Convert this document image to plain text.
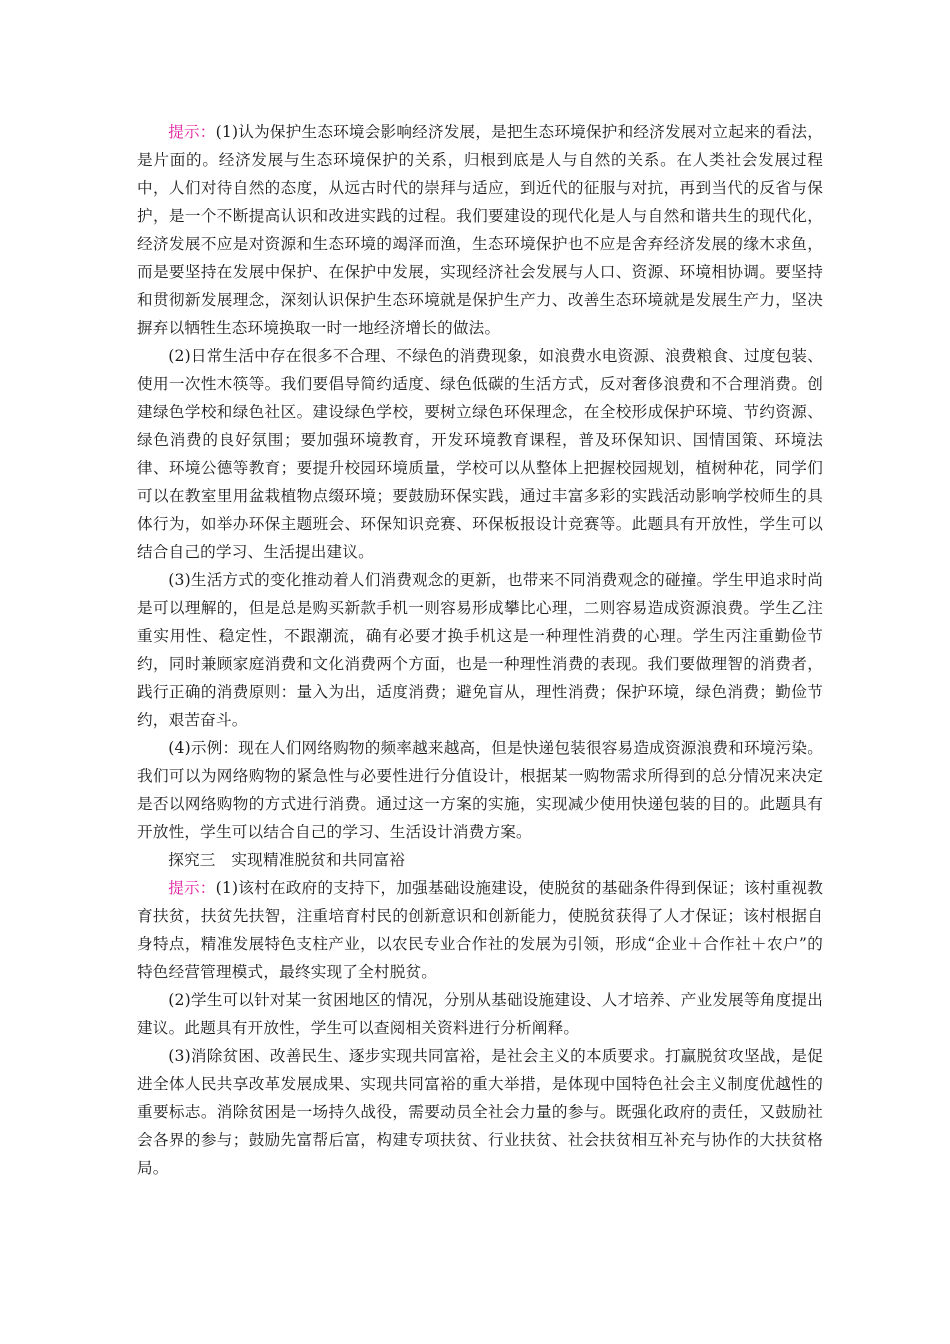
提示：(1)认为保护生态环境会影响经济发展，是把生态环境保护和经济发展对立起来的看法，是片面的。经济发展与生态环境保护的关系，归根到底是人与自然的关系。在人类社会发展过程中，人们对待自然的态度，从远古时代的崇拜与适应，到近代的征服与对抗，再到当代的反省与保护，是一个不断提高认识和改进实践的过程。我们要建设的现代化是人与自然和谐共生的现代化，经济发展不应是对资源和生态环境的竭泽而渔，生态环境保护也不应是舍弃经济发展的缘木求鱼，而是要坚持在发展中保护、在保护中发展，实现经济社会发展与人口、资源、环境相协调。要坚持和贯彻新发展理念，深刻认识保护生态环境就是保护生产力、改善生态环境就是发展生产力，坚决摒弃以牺牲生态环境换取一时一地经济增长的做法。

(2)日常生活中存在很多不合理、不绿色的消费现象，如浪费水电资源、浪费粮食、过度包装、使用一次性木筷等。我们要倡导简约适度、绿色低碳的生活方式，反对奢侈浪费和不合理消费。创建绿色学校和绿色社区。建设绿色学校，要树立绿色环保理念，在全校形成保护环境、节约资源、绿色消费的良好氛围；要加强环境教育，开发环境教育课程，普及环保知识、国情国策、环境法律、环境公德等教育；要提升校园环境质量，学校可以从整体上把握校园规划，植树种花，同学们可以在教室里用盆栽植物点缀环境；要鼓励环保实践，通过丰富多彩的实践活动影响学校师生的具体行为，如举办环保主题班会、环保知识竞赛、环保板报设计竞赛等。此题具有开放性，学生可以结合自己的学习、生活提出建议。

(3)生活方式的变化推动着人们消费观念的更新，也带来不同消费观念的碰撞。学生甲追求时尚是可以理解的，但是总是购买新款手机一则容易形成攀比心理，二则容易造成资源浪费。学生乙注重实用性、稳定性，不跟潮流，确有必要才换手机这是一种理性消费的心理。学生丙注重勤俭节约，同时兼顾家庭消费和文化消费两个方面，也是一种理性消费的表现。我们要做理智的消费者，践行正确的消费原则：量入为出，适度消费；避免盲从，理性消费；保护环境，绿色消费；勤俭节约，艰苦奋斗。

(4)示例：现在人们网络购物的频率越来越高，但是快递包装很容易造成资源浪费和环境污染。我们可以为网络购物的紧急性与必要性进行分值设计，根据某一购物需求所得到的总分情况来决定是否以网络购物的方式进行消费。通过这一方案的实施，实现减少使用快递包装的目的。此题具有开放性，学生可以结合自己的学习、生活设计消费方案。

探究三　实现精准脱贫和共同富裕

提示：(1)该村在政府的支持下，加强基础设施建设，使脱贫的基础条件得到保证；该村重视教育扶贫，扶贫先扶智，注重培育村民的创新意识和创新能力，使脱贫获得了人才保证；该村根据自身特点，精准发展特色支柱产业，以农民专业合作社的发展为引领，形成“企业＋合作社＋农户”的特色经营管理模式，最终实现了全村脱贫。

(2)学生可以针对某一贫困地区的情况，分别从基础设施建设、人才培养、产业发展等角度提出建议。此题具有开放性，学生可以查阅相关资料进行分析阐释。

(3)消除贫困、改善民生、逐步实现共同富裕，是社会主义的本质要求。打赢脱贫攻坚战，是促进全体人民共享改革发展成果、实现共同富裕的重大举措，是体现中国特色社会主义制度优越性的重要标志。消除贫困是一场持久战役，需要动员全社会力量的参与。既强化政府的责任，又鼓励社会各界的参与；鼓励先富帮后富，构建专项扶贫、行业扶贫、社会扶贫相互补充与协作的大扶贫格局。
